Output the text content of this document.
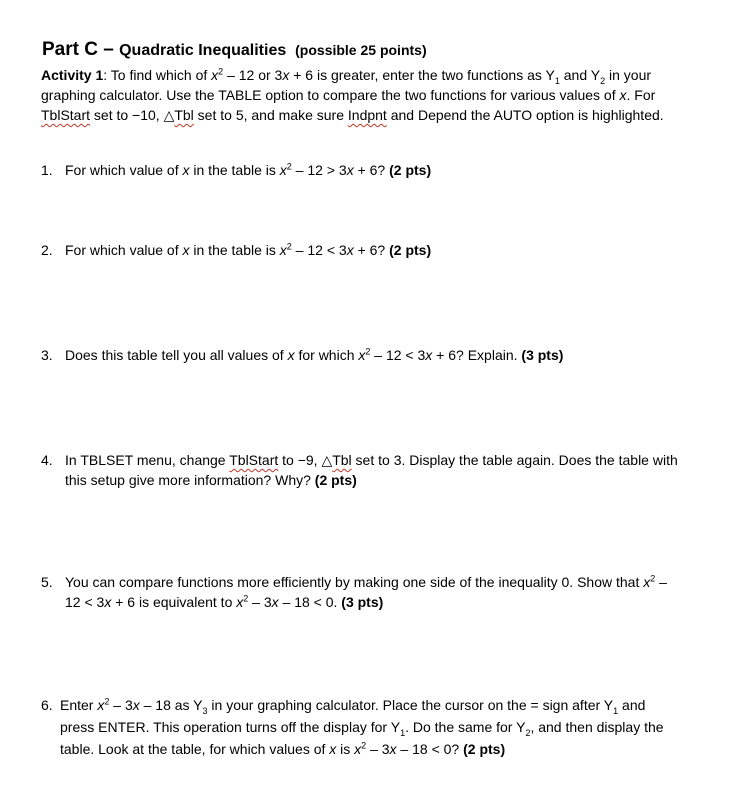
Part C – Quadratic Inequalities (possible 25 points)

Activity 1: To find which of $x^2 - 12$ or 3x + 6 is greater, enter the two functions as $Y_1$ and $Y_2$ in your graphing calculator. Use the TABLE option to compare the two functions for various values of x. For TblStart set to −10, △Tbl set to 5, and make sure Indpnt and Depend the AUTO option is highlighted.

1. For which value of x in the table is $x^2 - 12 > 3x + 6$? (2 pts)

2. For which value of x in the table is $x^2 - 12 < 3x + 6$? (2 pts)

3. Does this table tell you all values of x for which $x^2 - 12 < 3x + 6$? Explain. (3 pts)

4. In TBLSET menu, change TblStart to −9, △Tbl set to 3. Display the table again. Does the table with this setup give more information? Why? (2 pts)

5. You can compare functions more efficiently by making one side of the inequality 0. Show that $x^2 - 12 < 3x + 6$ is equivalent to $x^2 - 3x - 18 < 0$. (3 pts)

6. Enter $x^2 - 3x - 18$ as $Y_3$ in your graphing calculator. Place the cursor on the = sign after $Y_1$ and press ENTER. This operation turns off the display for $Y_1$. Do the same for $Y_2$, and then display the table. Look at the table, for which values of x is $x^2 - 3x - 18 < 0$? (2 pts)
